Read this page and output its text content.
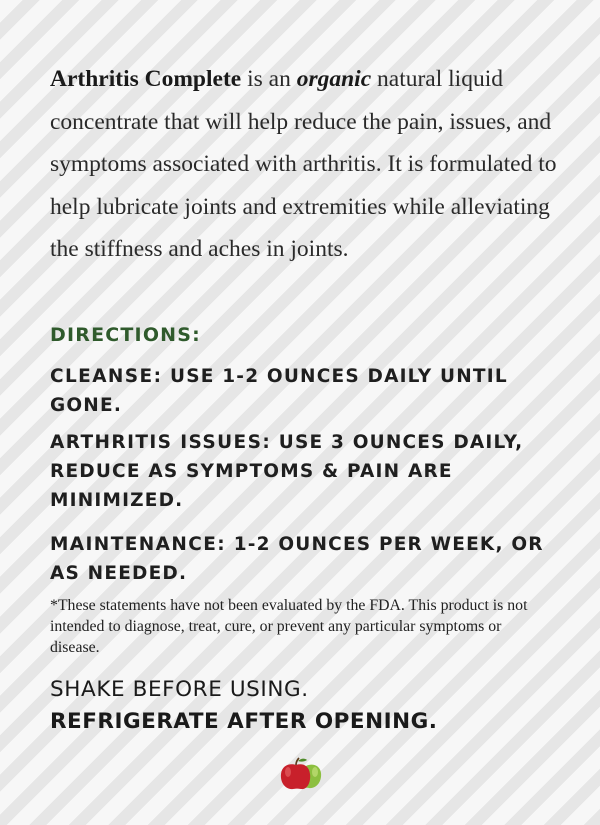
Arthritis Complete is an organic natural liquid concentrate that will help reduce the pain, issues, and symptoms associated with arthritis. It is formulated to help lubricate joints and extremities while alleviating the stiffness and aches in joints.
DIRECTIONS:
CLEANSE: USE 1-2 OUNCES DAILY UNTIL GONE.
ARTHRITIS ISSUES: USE 3 OUNCES DAILY, REDUCE AS SYMPTOMS & PAIN ARE MINIMIZED.
MAINTENANCE: 1-2 OUNCES PER WEEK, OR AS NEEDED.
*These statements have not been evaluated by the FDA. This product is not intended to diagnose, treat, cure, or prevent any particular symptoms or disease.
SHAKE BEFORE USING.
REFRIGERATE AFTER OPENING.
